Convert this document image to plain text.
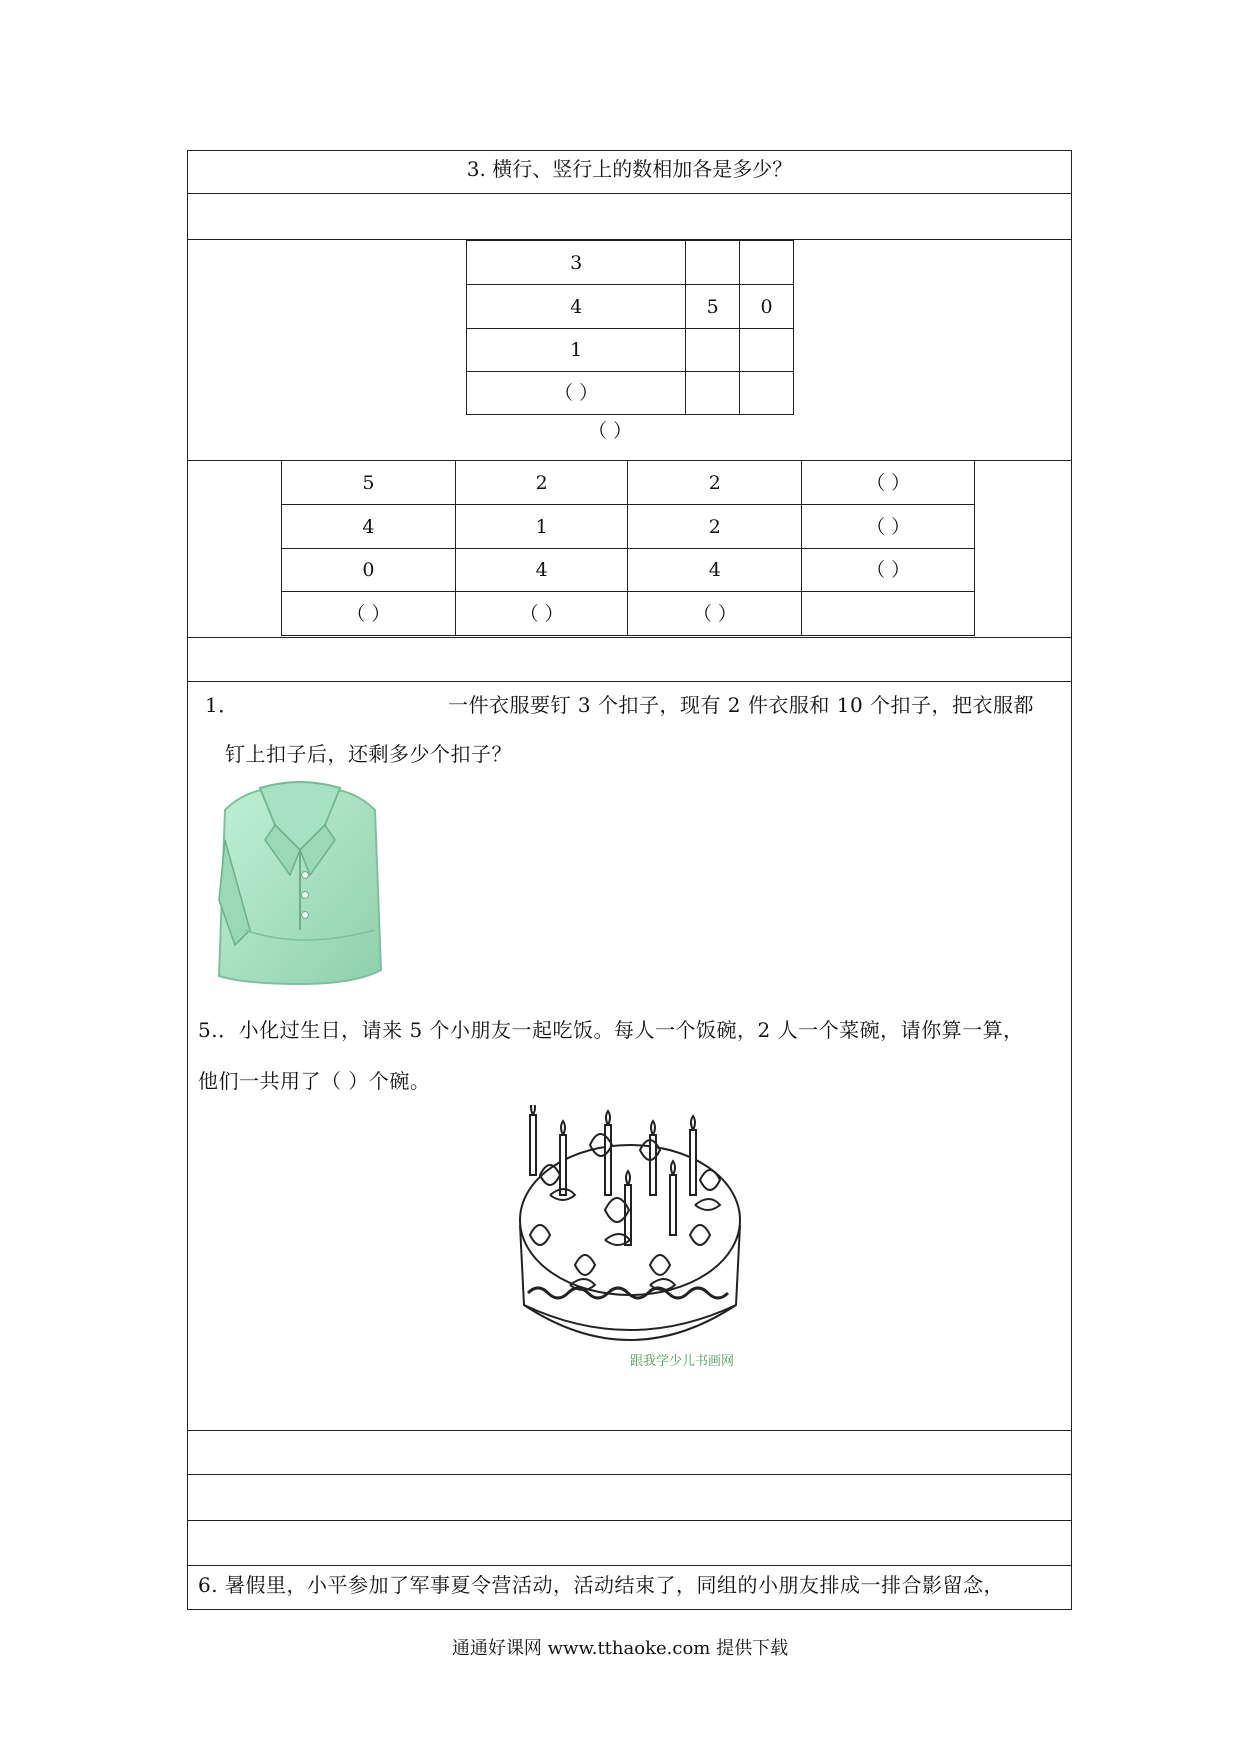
3. 横行、竖行上的数相加各是多少？
3		
4	5	0
1		
（ ）		
（ ）
5	2	2	（ ）
4	1	2	（ ）
0	4	4	（ ）
（ ）	（ ）	（ ）	
1．	一件衣服要钉 3 个扣子，现有 2 件衣服和 10 个扣子，把衣服都
钉上扣子后，还剩多少个扣子？
5.．小化过生日，请来 5 个小朋友一起吃饭。每人一个饭碗，2 人一个菜碗，请你算一算，
他们一共用了（ ）个碗。
跟我学少儿书画网
6. 暑假里，小平参加了军事夏令营活动，活动结束了，同组的小朋友排成一排合影留念，
通通好课网 www.tthaoke.com 提供下载
